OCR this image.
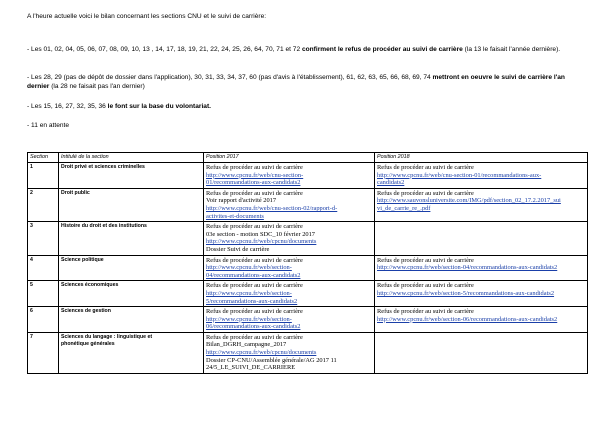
A l'heure actuelle voici le bilan concernant les sections CNU et le suivi de carrière:
- Les 01, 02, 04, 05, 06, 07, 08, 09, 10, 13 , 14, 17, 18, 19, 21, 22, 24, 25, 26, 64, 70, 71 et 72 confirment le refus de procéder au suivi de carrière (la 13 le faisait l'année dernière).
- Les 28, 29 (pas de dépôt de dossier dans l'application), 30, 31, 33, 34, 37, 60 (pas d'avis à l'établissement), 61, 62, 63, 65, 66, 68, 69, 74 mettront en oeuvre le suivi de carrière l'an dernier (la 28 ne faisait pas l'an dernier)
- Les 15, 16, 27, 32, 35, 36 le font sur la base du volontariat.
- 11 en attente
Section	Intitulé de la section	Position 2017	Position 2018
1	Droit privé et sciences criminelles	Refus de procéder au suivi de carrière
http://www.cpcnu.fr/web/cnu-section-
01/recommandations-aux-candidats2	Refus de procéder au suivi de carrière
http://www.cpcnu.fr/web/cnu-section-01/recommandations-aux-
candidats2

2	Droit public	Refus de procéder au suivi de carrière
Voir rapport d'activité 2017
http://www.cpcnu.fr/web/cnu-section-02/rapport-d-
activites-et-documents	Refus de procéder au suivi de carrière
http://www.sauvonsluniversite.com/IMG/pdf/section_02_17.2.2017_sui
vi_de_carrie_re_.pdf

3	Histoire du droit et des institutions	Refus de procéder au suivi de carrière
03e section - motion SDC_10 février 2017
http://www.cpcnu.fr/web/cpcnu/documents
Dossier Suivi de carrière	

4	Science politique	Refus de procéder au suivi de carrière
http://www.cpcnu.fr/web/section-
04/recommandations-aux-candidats2	Refus de procéder au suivi de carrière
http://www.cpcnu.fr/web/section-04/recommandations-aux-candidats2

5	Sciences économiques	Refus de procéder au suivi de carrière
http://www.cpcnu.fr/web/section-
5/recommandations-aux-candidats2	Refus de procéder au suivi de carrière
http://www.cpcnu.fr/web/section-5/recommandations-aux-candidats2

6	Sciences de gestion	Refus de procéder au suivi de carrière
http://www.cpcnu.fr/web/section-
06/recommandations-aux-candidats2	Refus de procéder au suivi de carrière
http://www.cpcnu.fr/web/section-06/recommandations-aux-candidats2

7	Sciences du langage : linguistique et
phonétique générales	Refus de procéder au suivi de carrière
Bilan_DGRH_campagne_2017
http://www.cpcnu.fr/web/cpcnu/documents
Dossier CP-CNU/Assemblée générale/AG 2017 11
24/5_LE_SUIVI_DE_CARRIERE	
